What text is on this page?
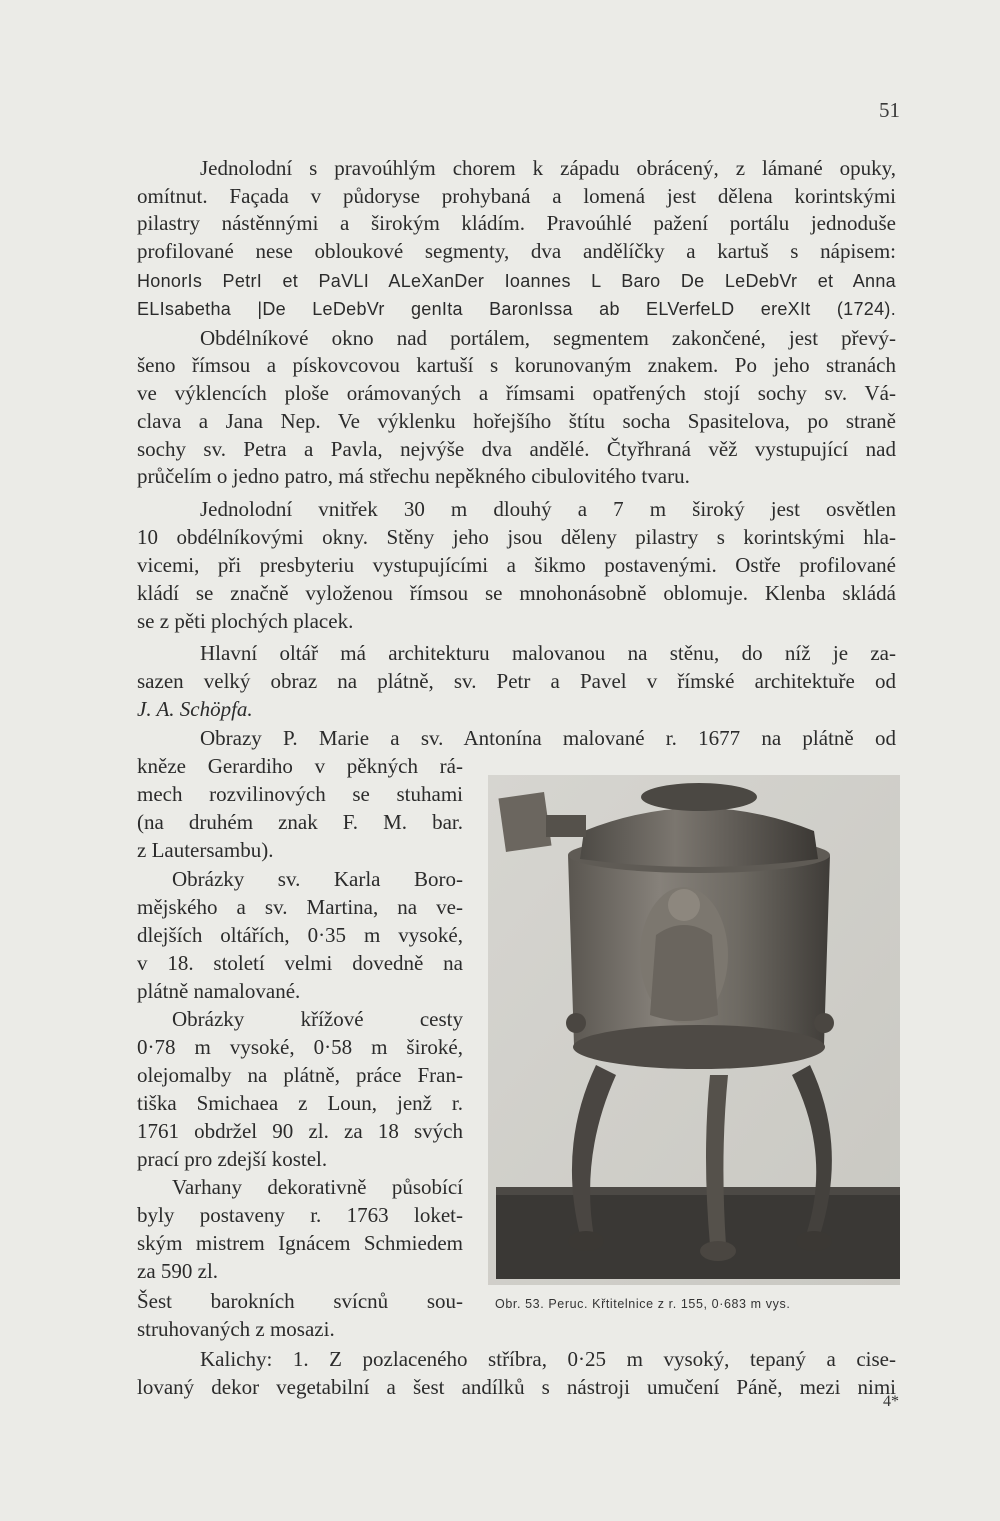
51
Jednolodní s pravoúhlým chorem k západu obrácený, z lámané opuky,
omítnut. Façada v půdoryse prohybaná a lomená jest dělena korintskými
pilastry nástěnnými a širokým kládím. Pravoúhlé pažení portálu jednoduše
profilované nese obloukové segmenty, dva andělíčky a kartuš s nápisem:
HonorIs PetrI et PaVLI ALeXanDer Ioannes L Baro De LeDebVr et Anna
ELIsabetha |De LeDebVr genIta BaronIssa ab ELVerfeLD ereXIt (1724).
Obdélníkové okno nad portálem, segmentem zakončené, jest převý-
šeno římsou a pískovcovou kartuší s korunovaným znakem. Po jeho stranách
ve výklencích ploše orámovaných a římsami opatřených stojí sochy sv. Vá-
clava a Jana Nep. Ve výklenku hořejšího štítu socha Spasitelova, po straně
sochy sv. Petra a Pavla, nejvýše dva andělé. Čtyřhraná věž vystupující nad
průčelím o jedno patro, má střechu nepěkného cibulovitého tvaru.
Jednolodní vnitřek 30 m dlouhý a 7 m široký jest osvětlen
10 obdélníkovými okny. Stěny jeho jsou děleny pilastry s korintskými hla-
vicemi, při presbyteriu vystupujícími a šikmo postavenými. Ostře profilované
kládí se značně vyloženou římsou se mnohonásobně oblomuje. Klenba skládá
se z pěti plochých placek.
Hlavní oltář má architekturu malovanou na stěnu, do níž je za-
sazen velký obraz na plátně, sv. Petr a Pavel v římské architektuře od
J. A. Schöpfa.
Obrazy P. Marie a sv. Antonína malované r. 1677 na plátně od
kněze Gerardiho v pěkných rá-
mech rozvilinových se stuhami
(na druhém znak F. M. bar.
z Lautersambu).
Obrázky sv. Karla Boro-
mějského a sv. Martina, na ve-
dlejších oltářích, 0·35 m vysoké,
v 18. století velmi dovedně na
plátně namalované.
Obrázky křížové cesty
0·78 m vysoké, 0·58 m široké,
olejomalby na plátně, práce Fran-
tiška Smichaea z Loun, jenž r.
1761 obdržel 90 zl. za 18 svých
prací pro zdejší kostel.
Varhany dekorativně působící
byly postaveny r. 1763 loket-
ským mistrem Ignácem Schmiedem
za 590 zl.
Šest barokních svícnů sou-
struhovaných z mosazi.
Kalichy: 1. Z pozlaceného stříbra, 0·25 m vysoký, tepaný a cise-
lovaný dekor vegetabilní a šest andílků s nástroji umučení Páně, mezi nimi
Obr. 53. Peruc. Křtitelnice z r. 155, 0·683 m vys.
4*
